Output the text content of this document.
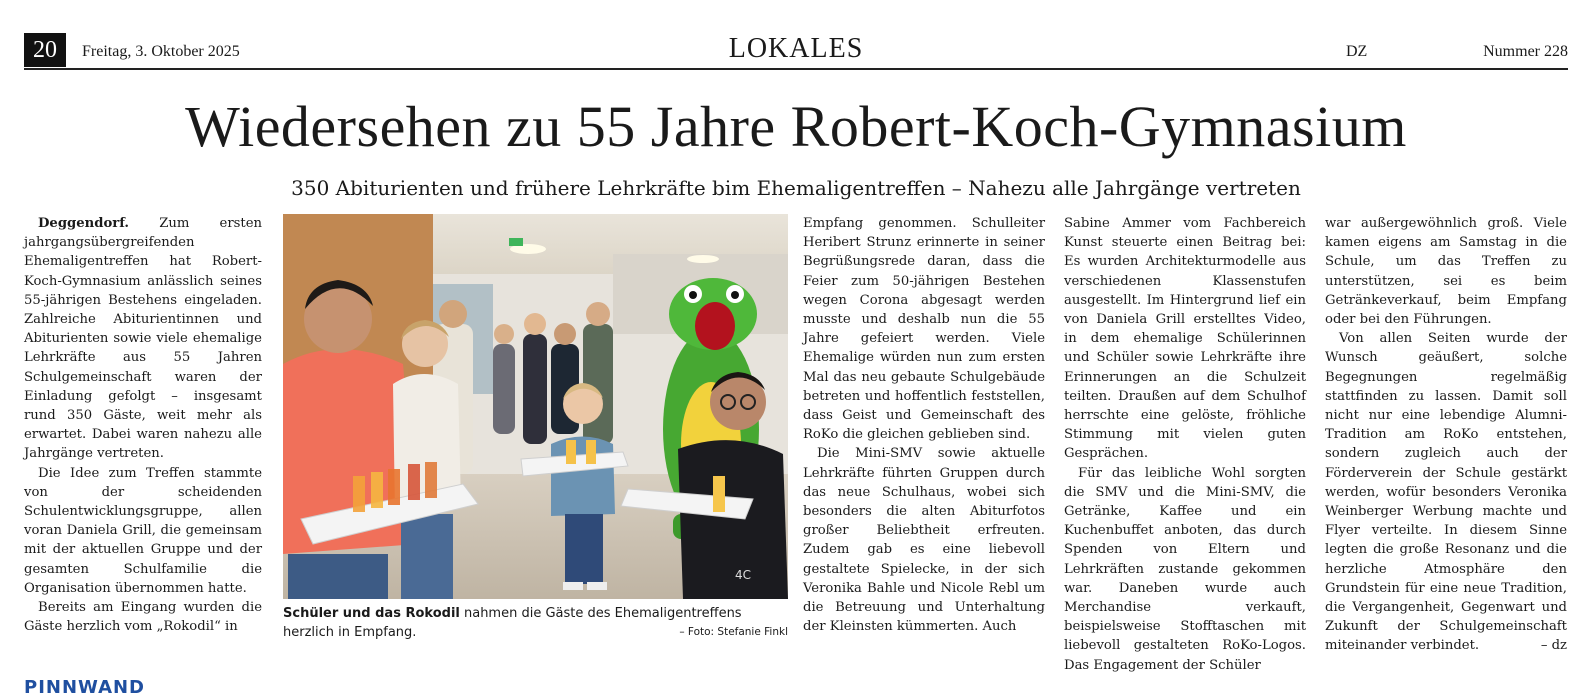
20	Freitag, 3. Oktober 2025	LOKALES	DZ	Nummer 228
Wiedersehen zu 55 Jahre Robert-Koch-Gymnasium
350 Abiturienten und frühere Lehrkräfte bim Ehemaligentreffen – Nahezu alle Jahrgänge vertreten

Deggendorf. Zum ersten jahrgangsübergreifenden Ehemaligentreffen hat Robert-Koch-Gymnasium anlässlich seines 55-jährigen Bestehens eingeladen. Zahlreiche Abiturientinnen und Abiturienten sowie viele ehemalige Lehrkräfte aus 55 Jahren Schulgemeinschaft waren der Einladung gefolgt – insgesamt rund 350 Gäste, weit mehr als erwartet. Dabei waren nahezu alle Jahrgänge vertreten.

Die Idee zum Treffen stammte von der scheidenden Schulentwicklungsgruppe, allen voran Daniela Grill, die gemeinsam mit der aktuellen Gruppe und der gesamten Schulfamilie die Organisation übernommen hatte.

Bereits am Eingang wurden die Gäste herzlich vom „Rokodil“ in

4C
Schüler und das Rokodil nahmen die Gäste des Ehemaligentreffens herzlich in Empfang.	– Foto: Stefanie Finkl

Empfang genommen. Schulleiter Heribert Strunz erinnerte in seiner Begrüßungsrede daran, dass die Feier zum 50-jährigen Bestehen wegen Corona abgesagt werden musste und deshalb nun die 55 Jahre gefeiert werden. Viele Ehemalige würden nun zum ersten Mal das neu gebaute Schulgebäude betreten und hoffentlich feststellen, dass Geist und Gemeinschaft des RoKo die gleichen geblieben sind.

Die Mini-SMV sowie aktuelle Lehrkräfte führten Gruppen durch das neue Schulhaus, wobei sich besonders die alten Abiturfotos großer Beliebtheit erfreuten. Zudem gab es eine liebevoll gestaltete Spielecke, in der sich Veronika Bahle und Nicole Rebl um die Betreuung und Unterhaltung der Kleinsten kümmerten. Auch

Sabine Ammer vom Fachbereich Kunst steuerte einen Beitrag bei: Es wurden Architekturmodelle aus verschiedenen Klassenstufen ausgestellt. Im Hintergrund lief ein von Daniela Grill erstelltes Video, in dem ehemalige Schülerinnen und Schüler sowie Lehrkräfte ihre Erinnerungen an die Schulzeit teilten. Draußen auf dem Schulhof herrschte eine gelöste, fröhliche Stimmung mit vielen guten Gesprächen.

Für das leibliche Wohl sorgten die SMV und die Mini-SMV, die Getränke, Kaffee und ein Kuchenbuffet anboten, das durch Spenden von Eltern und Lehrkräften zustande gekommen war. Daneben wurde auch Merchandise verkauft, beispielsweise Stofftaschen mit liebevoll gestalteten RoKo-Logos. Das Engagement der Schüler

war außergewöhnlich groß. Viele kamen eigens am Samstag in die Schule, um das Treffen zu unterstützen, sei es beim Getränkeverkauf, beim Empfang oder bei den Führungen.

Von allen Seiten wurde der Wunsch geäußert, solche Begegnungen regelmäßig stattfinden zu lassen. Damit soll nicht nur eine lebendige Alumni-Tradition am RoKo entstehen, sondern zugleich auch der Förderverein der Schule gestärkt werden, wofür besonders Veronika Weinberger Werbung machte und Flyer verteilte. In diesem Sinne legten die große Resonanz und die herzliche Atmosphäre den Grundstein für eine neue Tradition, die Vergangenheit, Gegenwart und Zukunft der Schulgemeinschaft miteinander verbindet.	– dz

PINNWAND
